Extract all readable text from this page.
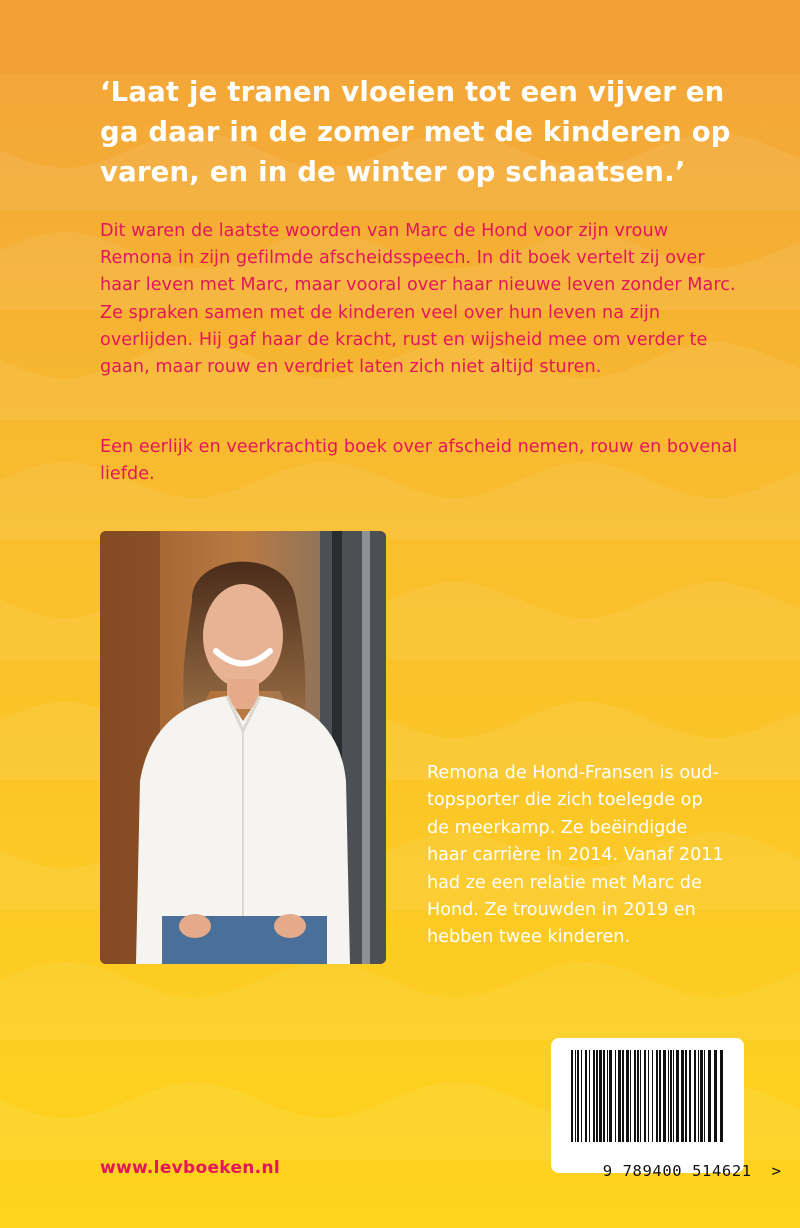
‘Laat je tranen vloeien tot een vijver en ga daar in de zomer met de kinderen op varen, en in de winter op schaatsen.’
Dit waren de laatste woorden van Marc de Hond voor zijn vrouw Remona in zijn gefilmde afscheidsspeech. In dit boek vertelt zij over haar leven met Marc, maar vooral over haar nieuwe leven zonder Marc. Ze spraken samen met de kinderen veel over hun leven na zijn overlijden. Hij gaf haar de kracht, rust en wijsheid mee om verder te gaan, maar rouw en verdriet laten zich niet altijd sturen.
Een eerlijk en veerkrachtig boek over afscheid nemen, rouw en bovenal liefde.
Remona de Hond-Fransen is oud-topsporter die zich toelegde op de meerkamp. Ze beëindigde haar carrière in 2014. Vanaf 2011 had ze een relatie met Marc de Hond. Ze trouwden in 2019 en hebben twee kinderen.

9 789400 514621 >

www.levboeken.nl
